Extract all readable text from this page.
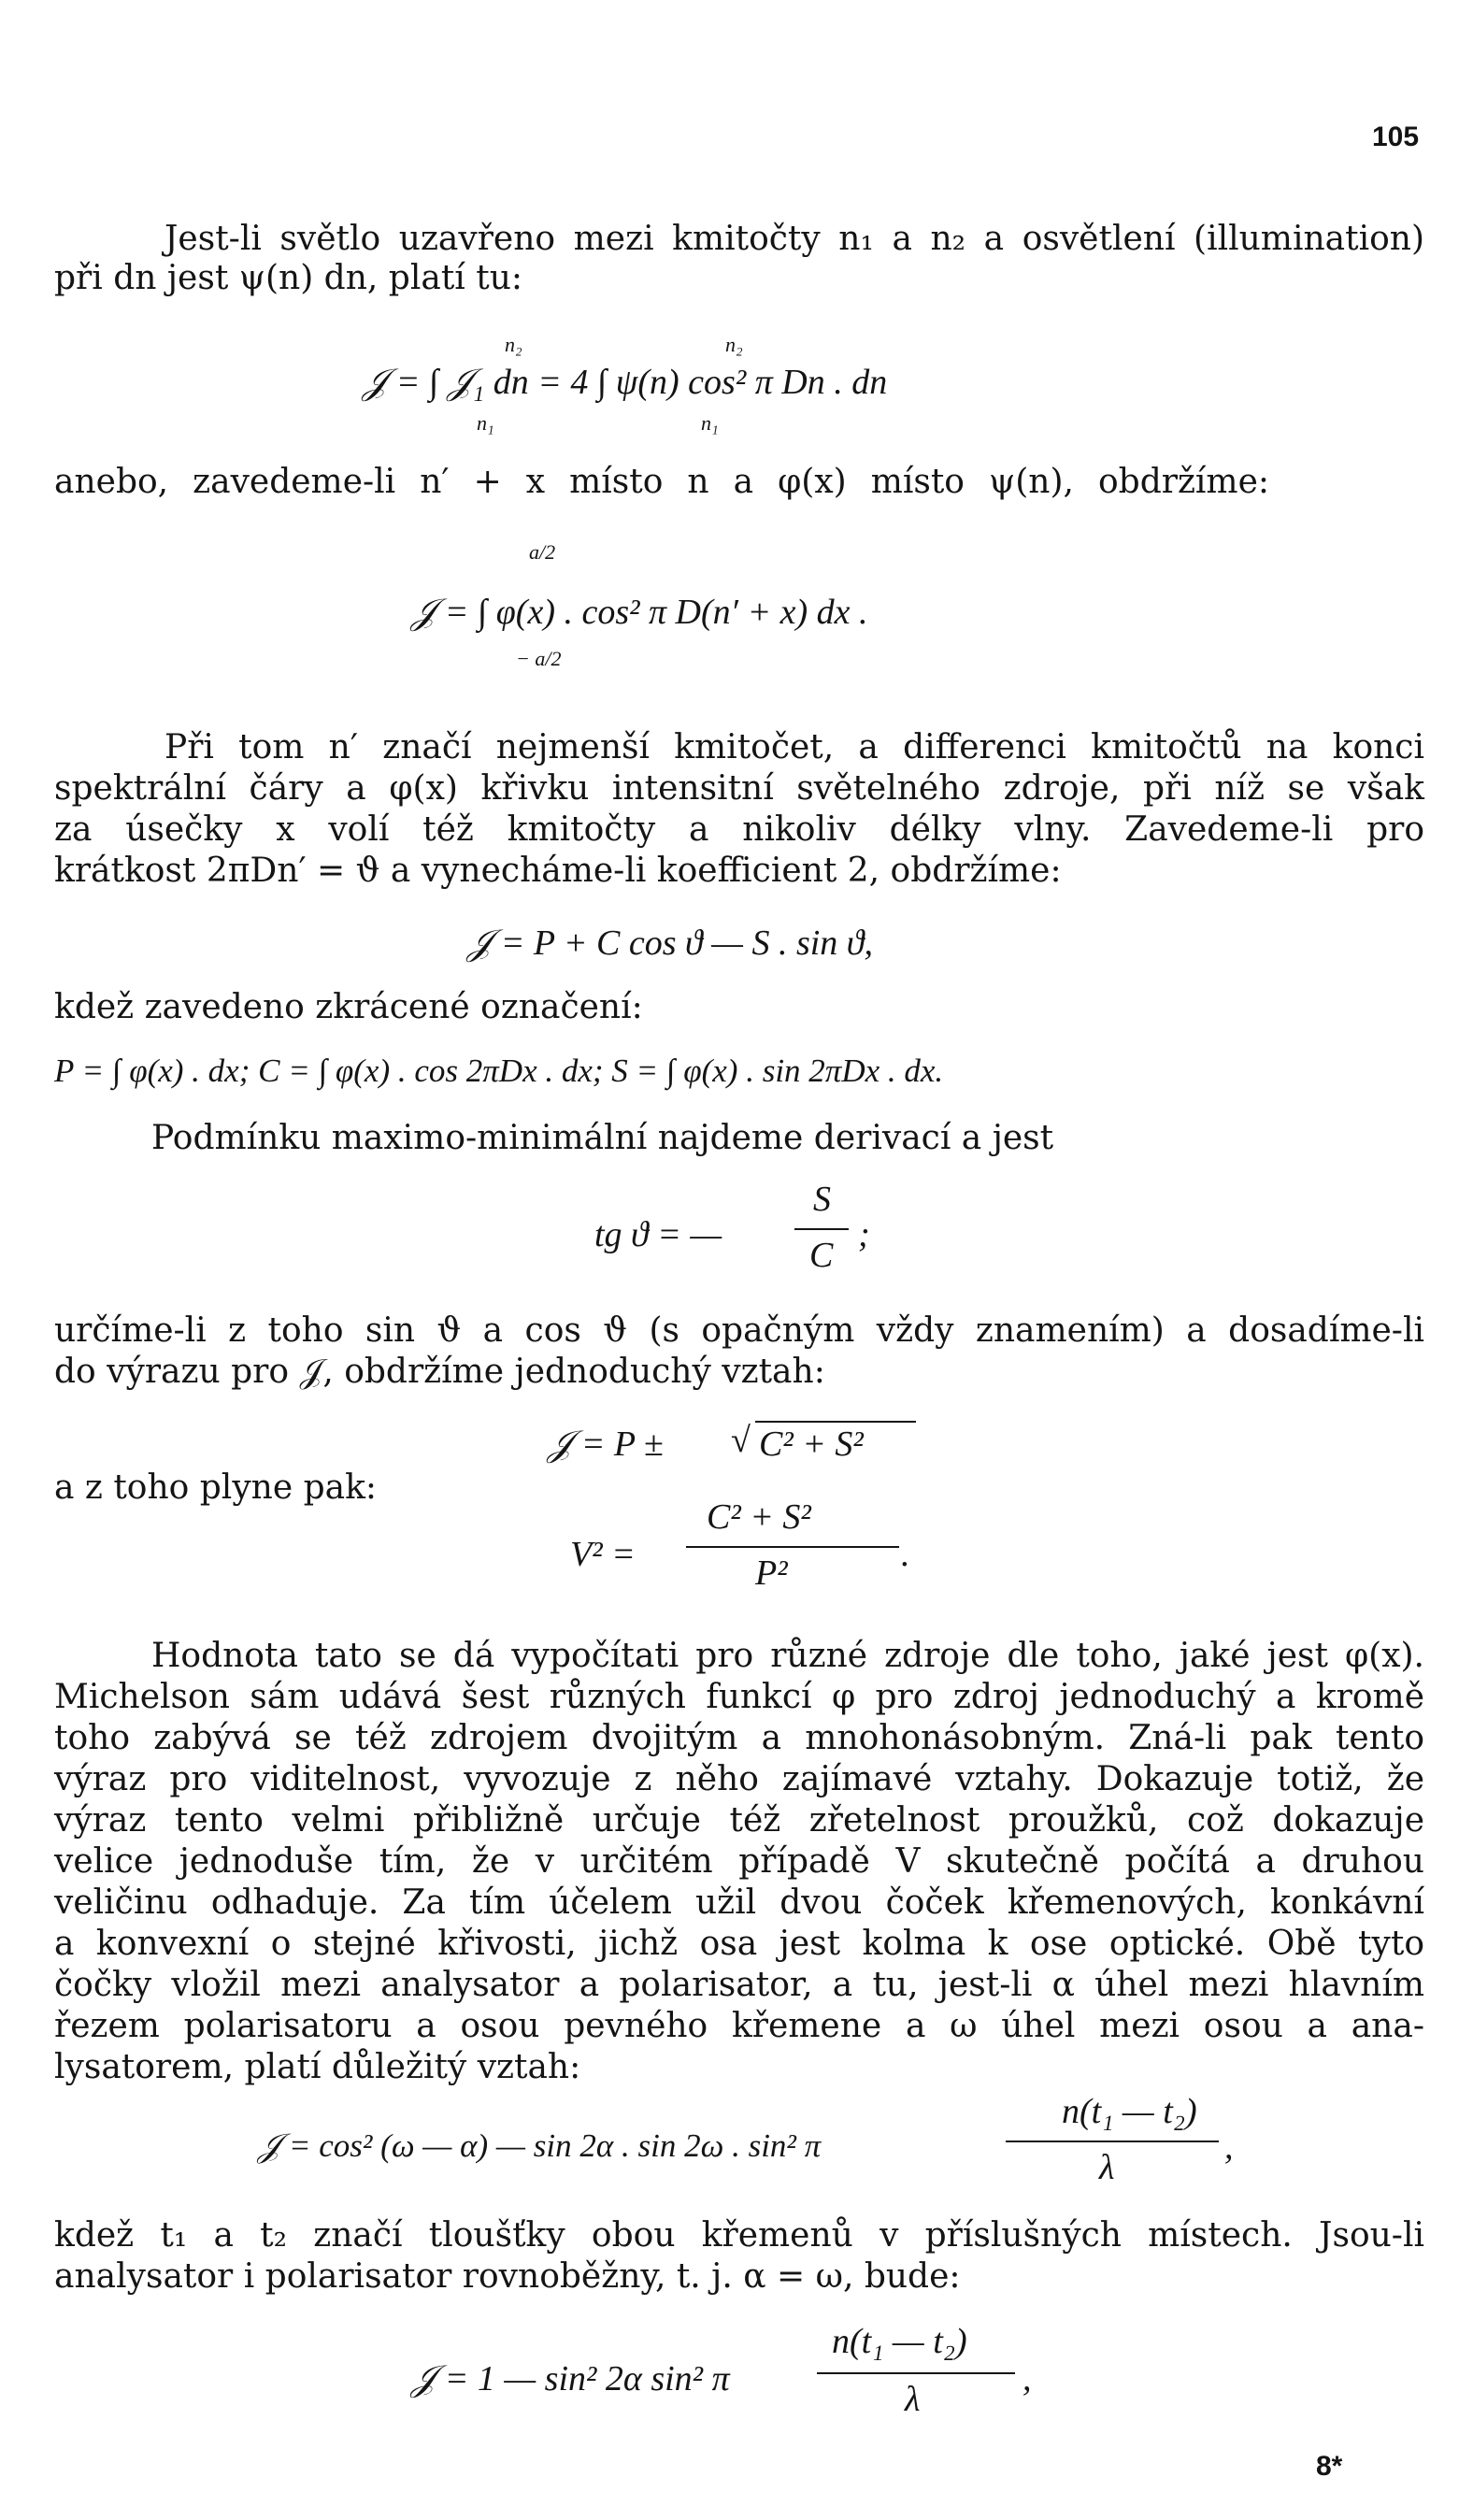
105
Jest-li světlo uzavřeno mezi kmitočty n₁ a n₂ a osvětlení (illumination)
při dn jest ψ(n) dn, platí tu:
n₂	n₂
𝒥 = ∫ 𝒥₁ dn = 4 ∫ ψ(n) cos² π Dn . dn
n₁	n₁
anebo, zavedeme-li n′ + x místo n a φ(x) místo ψ(n), obdržíme:
a/2
𝒥 = ∫ φ(x) . cos² π D(n′ + x) dx .
− a/2
Při tom n′ značí nejmenší kmitočet, a differenci kmitočtů na konci
spektrální čáry a φ(x) křivku intensitní světelného zdroje, při níž se však
za úsečky x volí též kmitočty a nikoliv délky vlny. Zavedeme-li pro
krátkost 2πDn′ = ϑ a vynecháme-li koefficient 2, obdržíme:
𝒥 = P + C cos ϑ — S . sin ϑ,
kdež zavedeno zkrácené označení:
P = ∫ φ(x) . dx; C = ∫ φ(x) . cos 2πDx . dx; S = ∫ φ(x) . sin 2πDx . dx.
Podmínku maximo-minimální najdeme derivací a jest
tg ϑ = —
S
C
;
určíme-li z toho sin ϑ a cos ϑ (s opačným vždy znamením) a dosadíme-li
do výrazu pro 𝒥, obdržíme jednoduchý vztah:
𝒥 = P ± √ C² + S²
a z toho plyne pak:
V² =
C² + S²
P²	.
Hodnota tato se dá vypočítati pro různé zdroje dle toho, jaké jest φ(x).
Michelson sám udává šest různých funkcí φ pro zdroj jednoduchý a kromě
toho zabývá se též zdrojem dvojitým a mnohonásobným. Zná-li pak tento
výraz pro viditelnost, vyvozuje z něho zajímavé vztahy. Dokazuje totiž, že
výraz tento velmi přibližně určuje též zřetelnost proužků, což dokazuje
velice jednoduše tím, že v určitém případě V skutečně počítá a druhou
veličinu odhaduje. Za tím účelem užil dvou čoček křemenových, konkávní
a konvexní o stejné křivosti, jichž osa jest kolma k ose optické. Obě tyto
čočky vložil mezi analysator a polarisator, a tu, jest-li α úhel mezi hlavním
řezem polarisatoru a osou pevného křemene a ω úhel mezi osou a ana-
lysatorem, platí důležitý vztah:
𝒥 = cos² (ω — α) — sin 2α . sin 2ω . sin² π
n(t₁ — t₂)
λ
,
kdež t₁ a t₂ značí tloušťky obou křemenů v příslušných místech. Jsou-li
analysator i polarisator rovnoběžny, t. j. α = ω, bude:
𝒥 = 1 — sin² 2α sin² π
n(t₁ — t₂)
λ
,
8*
